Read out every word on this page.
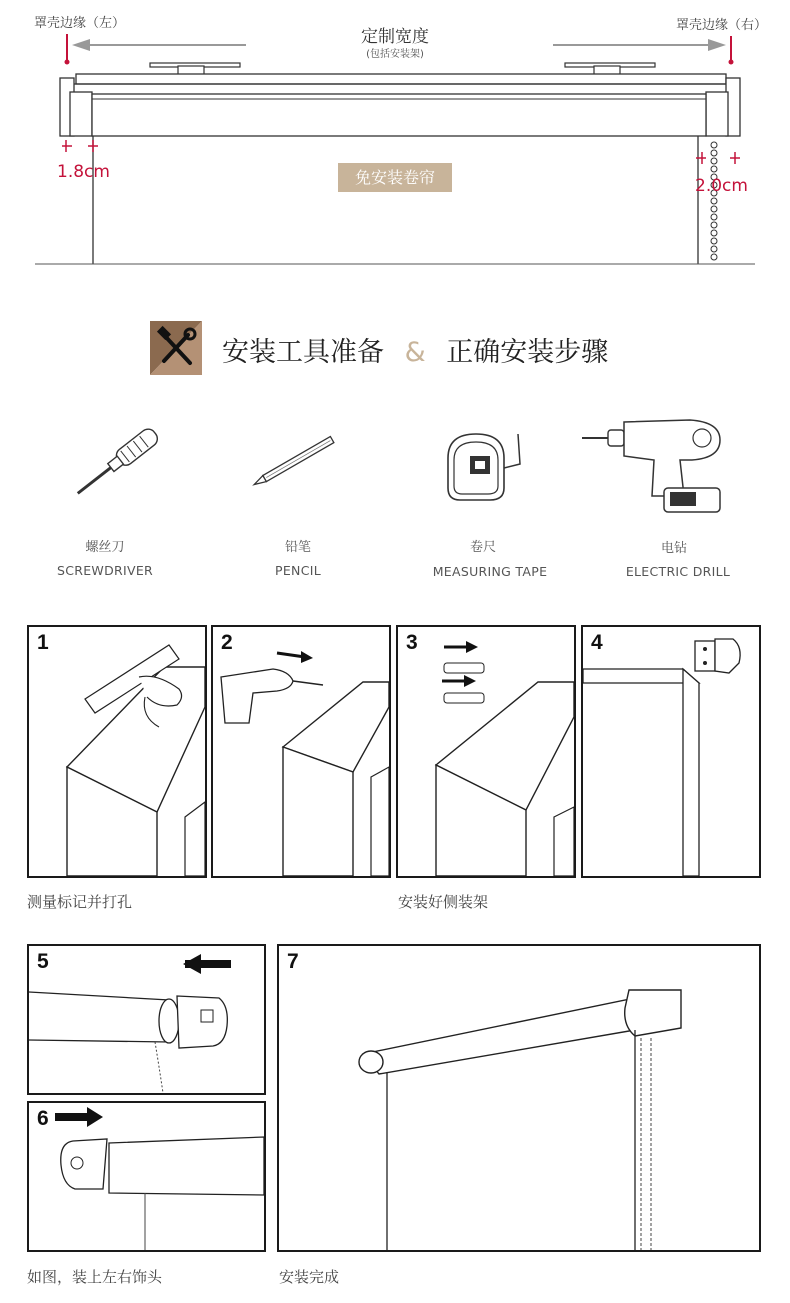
罩壳边缘（左）	罩壳边缘（右）
定制宽度
(包括安装架)
1.8cm
2.0cm
免安装卷帘
安装工具准备 & 正确安装步骤
螺丝刀
SCREWDRIVER
铅笔
PENCIL
卷尺
MEASURING TAPE
电钻
ELECTRIC DRILL
1	2	3	4
测量标记并打孔	安装好侧装架
5
6
7
如图，装上左右饰头	安装完成
